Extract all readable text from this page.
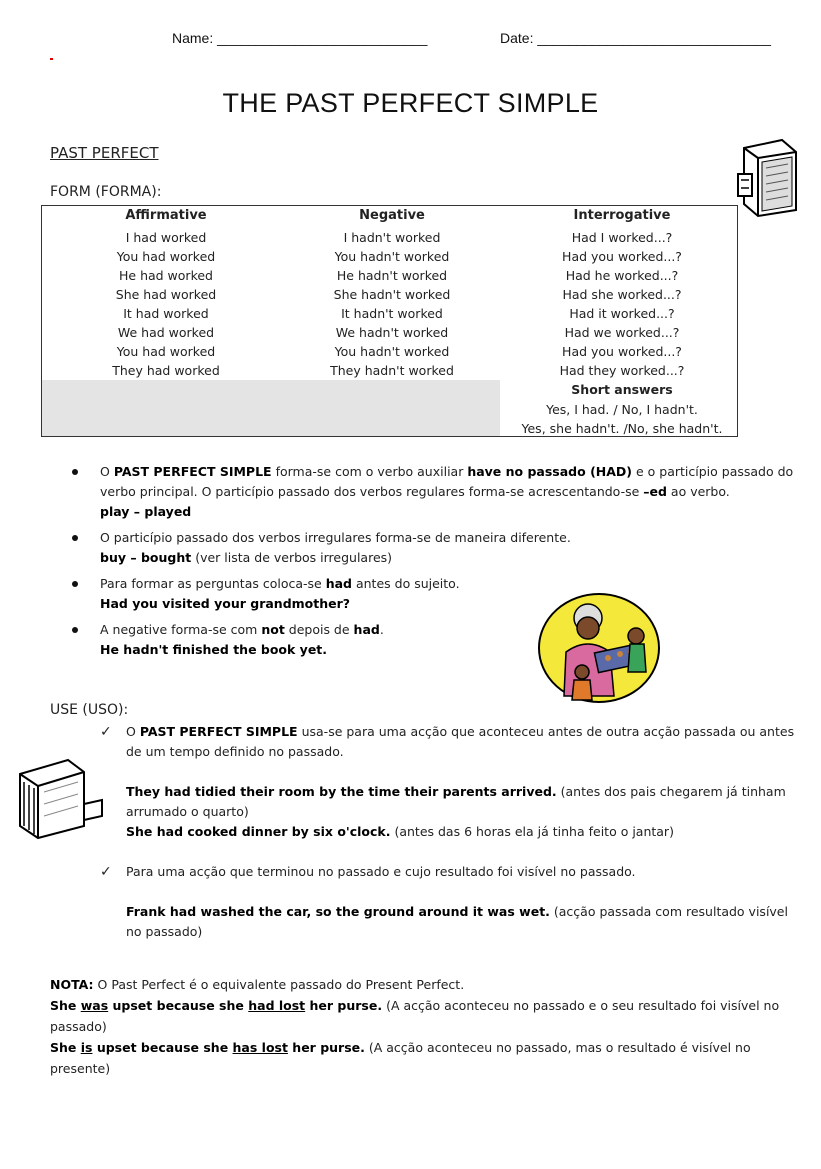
Name: ___________________________	Date: ______________________________
THE PAST PERFECT SIMPLE
PAST PERFECT
FORM (FORMA):
Affirmative
I had worked
You had worked
He had worked
She had worked
It had worked
We had worked
You had worked
They had worked
Negative
I hadn't worked
You hadn't worked
He hadn't worked
She hadn't worked
It hadn't worked
We hadn't worked
You hadn't worked
They hadn't worked
Interrogative
Had I worked...?
Had you worked...?
Had he worked...?
Had she worked...?
Had it worked...?
Had we worked...?
Had you worked...?
Had they worked...?
Short answers
Yes, I had. / No, I hadn't.
Yes, she hadn't. /No, she hadn't.
O PAST PERFECT SIMPLE forma-se com o verbo auxiliar have no passado (HAD) e o particípio passado do verbo principal. O particípio passado dos verbos regulares forma-se acrescentando-se –ed ao verbo.
play – played
O particípio passado dos verbos irregulares forma-se de maneira diferente.
buy – bought (ver lista de verbos irregulares)
Para formar as perguntas coloca-se had antes do sujeito.
Had you visited your grandmother?
A negative forma-se com not depois de had.
He hadn't finished the book yet.
USE (USO):
✓ O PAST PERFECT SIMPLE usa-se para uma acção que aconteceu antes de outra acção passada ou antes de um tempo definido no passado.
They had tidied their room by the time their parents arrived. (antes dos pais chegarem já tinham arrumado o quarto)
She had cooked dinner by six o'clock. (antes das 6 horas ela já tinha feito o jantar)
✓ Para uma acção que terminou no passado e cujo resultado foi visível no passado.
Frank had washed the car, so the ground around it was wet. (acção passada com resultado visível no passado)
NOTA: O Past Perfect é o equivalente passado do Present Perfect.
She was upset because she had lost her purse. (A acção aconteceu no passado e o seu resultado foi visível no passado)
She is upset because she has lost her purse. (A acção aconteceu no passado, mas o resultado é visível no presente)
